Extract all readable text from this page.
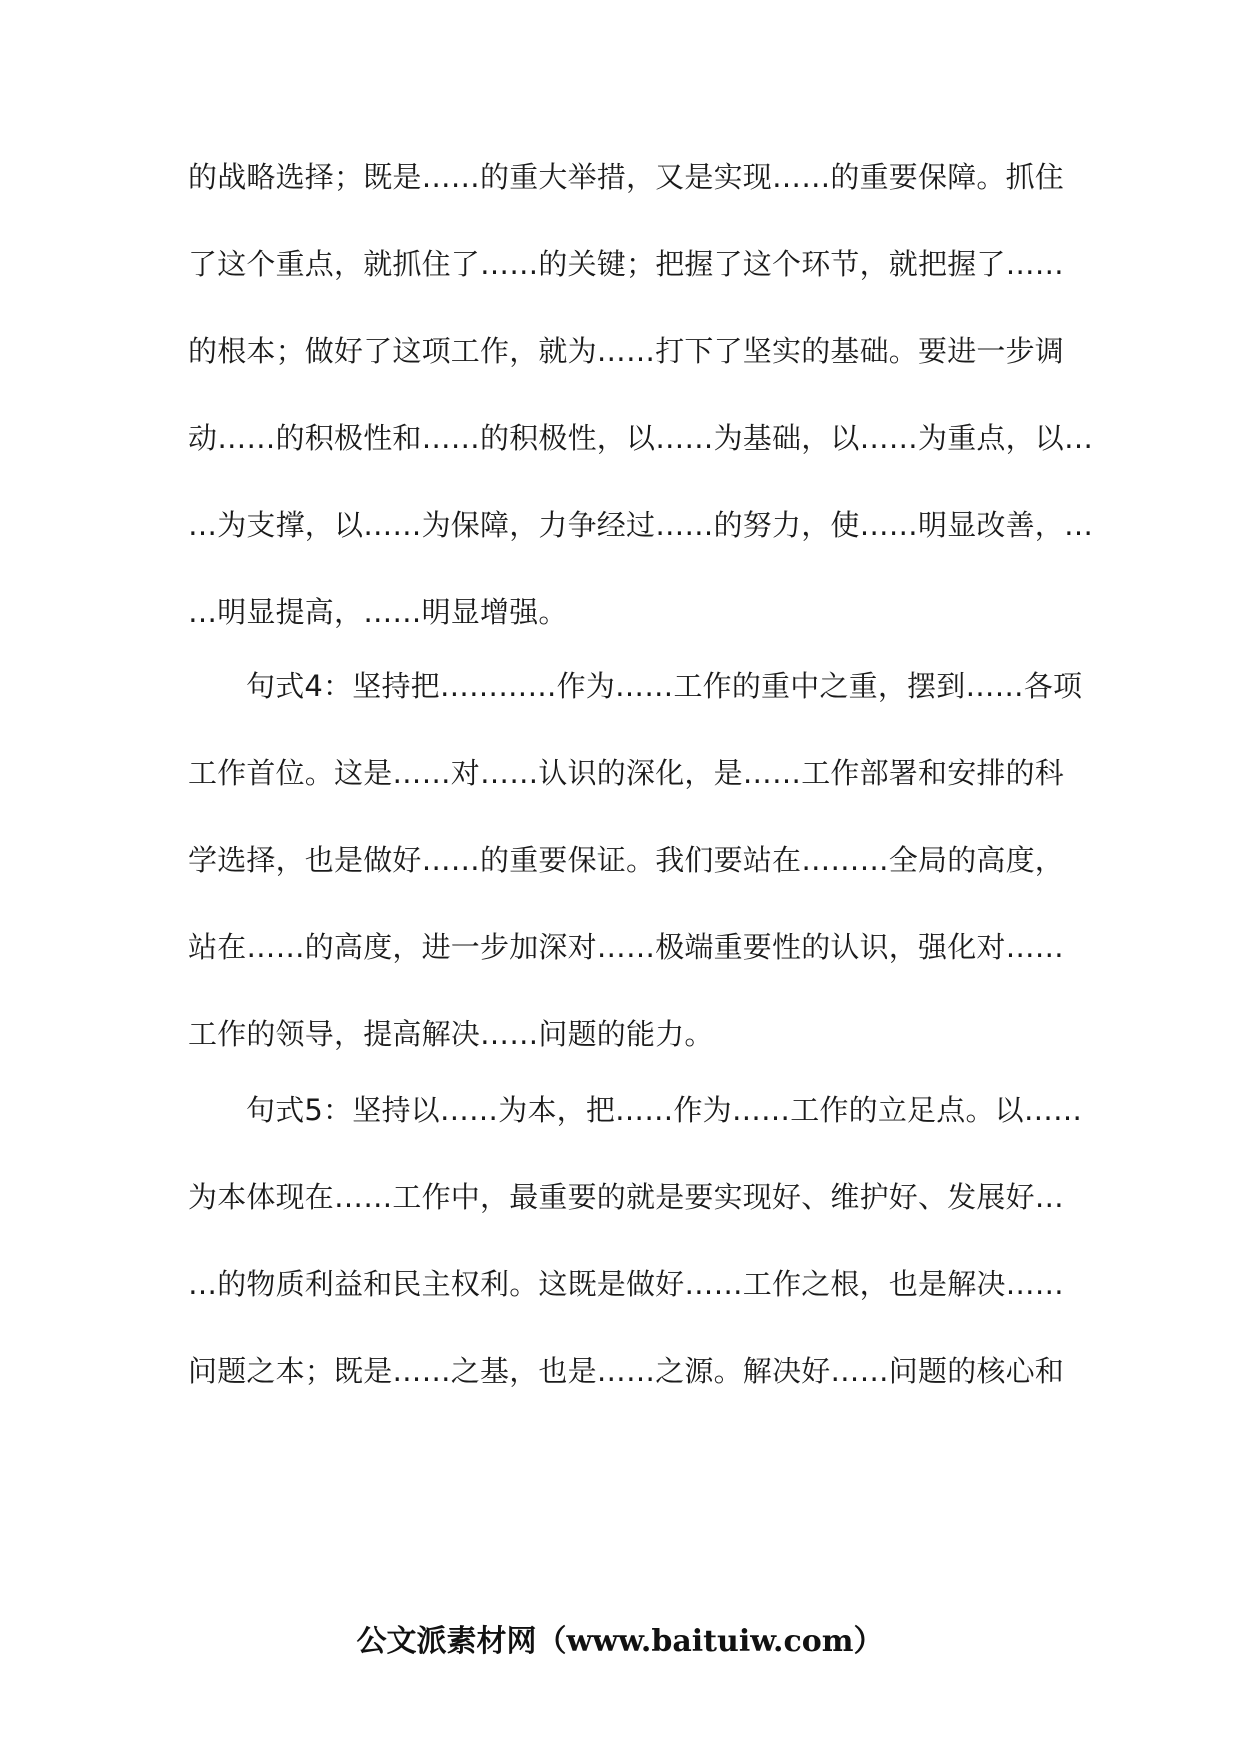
的战略选择；既是……的重大举措，又是实现……的重要保障。抓住
了这个重点，就抓住了……的关键；把握了这个环节，就把握了……
的根本；做好了这项工作，就为……打下了坚实的基础。要进一步调
动……的积极性和……的积极性，以……为基础，以……为重点，以…
…为支撑，以……为保障，力争经过……的努力，使……明显改善，…
…明显提高，……明显增强。
句式4：坚持把…………作为……工作的重中之重，摆到……各项
工作首位。这是……对……认识的深化，是……工作部署和安排的科
学选择，也是做好……的重要保证。我们要站在………全局的高度，
站在……的高度，进一步加深对……极端重要性的认识，强化对……
工作的领导，提高解决……问题的能力。
句式5：坚持以……为本，把……作为……工作的立足点。以……
为本体现在……工作中，最重要的就是要实现好、维护好、发展好…
…的物质利益和民主权利。这既是做好……工作之根，也是解决……
问题之本；既是……之基，也是……之源。解决好……问题的核心和
公文派素材网（www.baituiw.com）
